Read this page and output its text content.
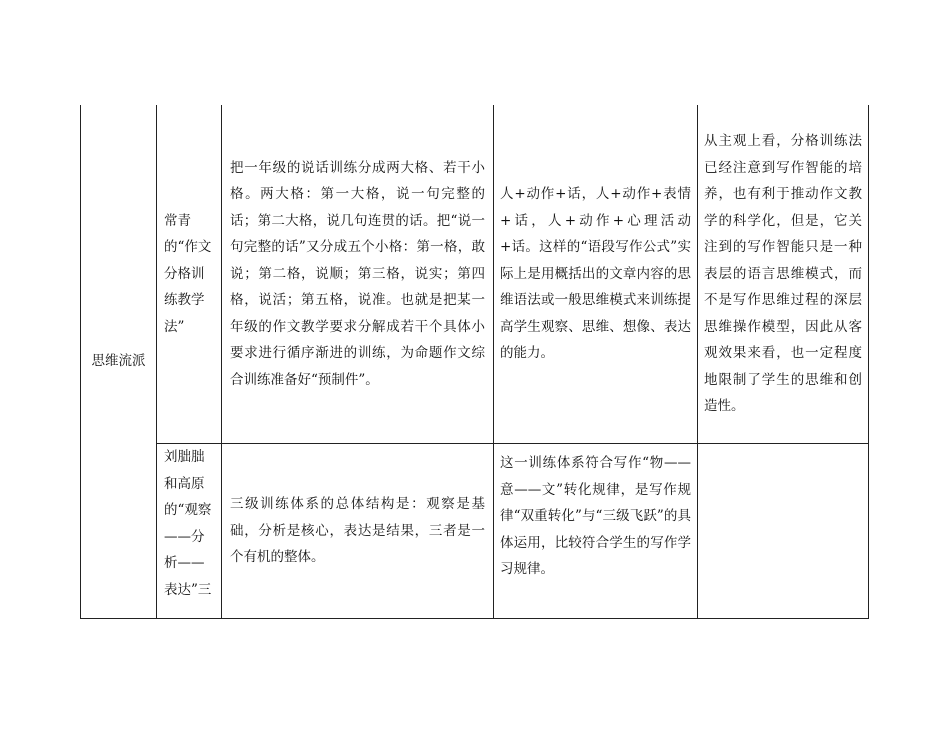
思维流派	常青的“作文分格训练教学法”	把一年级的说话训练分成两大格、若干小格。两大格：第一大格，说一句完整的话；第二大格，说几句连贯的话。把“说一句完整的话”又分成五个小格：第一格，敢说；第二格，说顺；第三格，说实；第四格，说活；第五格，说准。也就是把某一年级的作文教学要求分解成若干个具体小要求进行循序渐进的训练，为命题作文综合训练准备好“预制件”。	人+动作+话，人+动作+表情+话，人+动作+心理活动+话。这样的“语段写作公式”实际上是用概括出的文章内容的思维语法或一般思维模式来训练提高学生观察、思维、想像、表达的能力。	从主观上看，分格训练法已经注意到写作智能的培养，也有利于推动作文教学的科学化，但是，它关注到的写作智能只是一种表层的语言思维模式，而不是写作思维过程的深层思维操作模型，因此从客观效果来看，也一定程度地限制了学生的思维和创造性。
	刘朏朏和高原的“观察——分析——表达”三	三级训练体系的总体结构是：观察是基础，分析是核心，表达是结果，三者是一个有机的整体。	这一训练体系符合写作“物——意——文”转化规律，是写作规律“双重转化”与“三级飞跃”的具体运用，比较符合学生的写作学习规律。	
